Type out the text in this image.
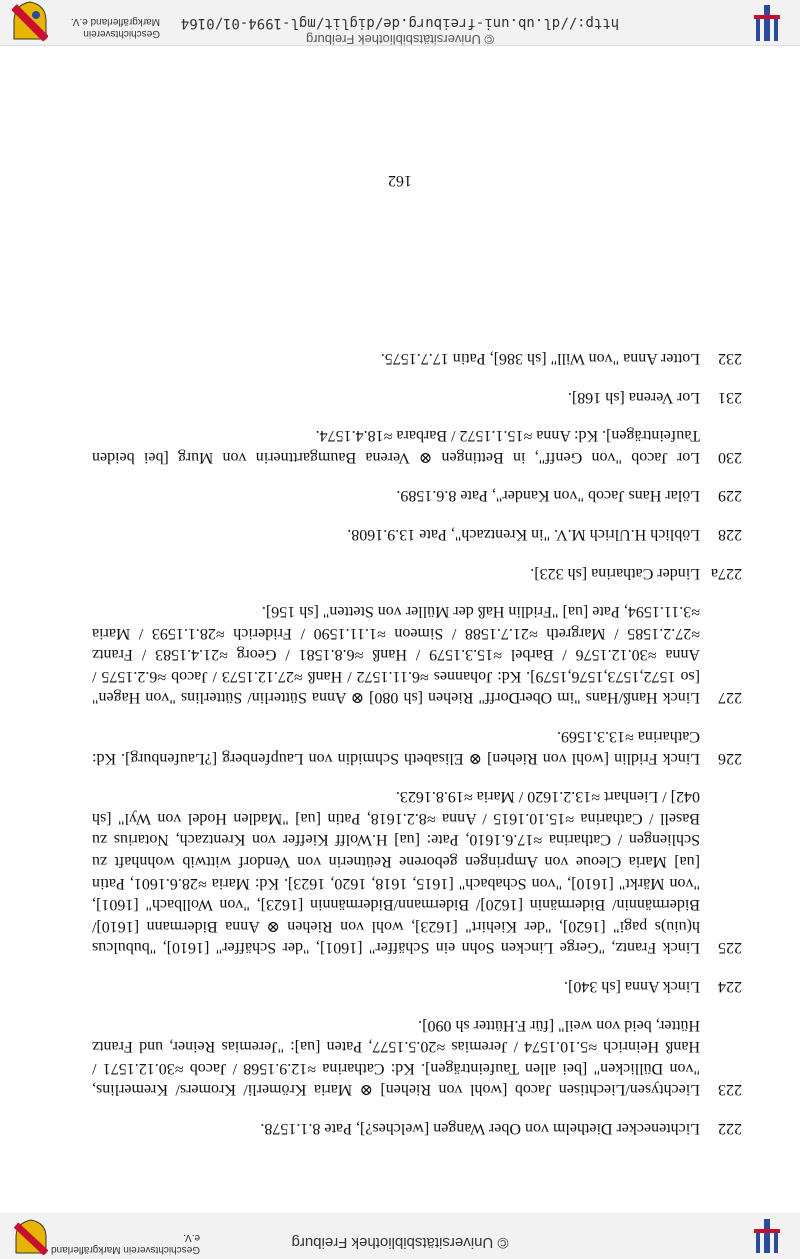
© Universitätsbibliothek Freiburg
Geschichtsverein Markgräflerland e.V.
222
Lichtenecker Diethelm von Ober Wangen [welches?], Pate 8.1.1578.
223
Liechtysen/Liechtisen Jacob [wohl von Riehen] ⊗ Maria Krömerli/ Kromers/ Kremerlins, "von Düllicken" [bei allen Taufeinträgen]. Kd: Catharina ≈12.9.1568 / Jacob ≈30.12.1571 / Hanß Heinrich ≈5.10.1574 / Jeremias ≈20.5.1577, Paten [ua]: "Jeremias Reiner, und Frantz Hütter, beid von weil" [für F.Hütter sh 090].
224
Linck Anna [sh 340].
225
Linck Frantz, "Gerge Lincken Sohn ein Schäffer" [1601], "der Schäffer" [1610], "bubulcus h(uiu)s pagi" [1620], "der Kiehirt" [1623], wohl von Riehen ⊗ Anna Bidermann [1610]/ Bidermännin/ Bidermänin [1620]/ Bidermann/Bidermännin [1623], "von Wollbach" [1601], "von Märkt" [1610], "von Schabach" [1615, 1618, 1620, 1623]. Kd: Maria ≈28.6.1601, Patin [ua] Maria Cleoue von Ampringen geborene Reütnerin von Vendorf wittwib wohnhaft zu Schliengen / Catharina ≈17.6.1610, Pate: [ua] H.Wolff Kieffer von Krentzach, Notarius zu Basell / Catharina ≈15.10.1615 / Anna ≈8.2.1618, Patin [ua] "Madlen Hodel von Wyl" [sh 042] / Lienhart ≈13.2.1620 / Maria ≈19.8.1623.
226
Linck Fridlin [wohl von Riehen] ⊗ Elisabeth Schmidin von Laupfenberg [?Laufenburg]. Kd: Catharina ≈13.3.1569.
227
Linck Hanß/Hans "im OberDorff" Riehen [sh 080] ⊗ Anna Sütterlin/ Sütterlins "von Hagen" [so 1572,1573,1576,1579]. Kd: Johannes ≈6.11.1572 / Hanß ≈27.12.1573 / Jacob ≈6.2.1575 / Anna ≈30.12.1576 / Barbel ≈15.3.1579 / Hanß ≈6.8.1581 / Georg ≈21.4.1583 / Frantz ≈27.2.1585 / Margreth ≈21.7.1588 / Simeon ≈1.11.1590 / Friderich ≈28.1.1593 / Maria ≈3.11.1594, Pate [ua] "Fridlin Haß der Müller von Stetten" [sh 156].
227a
Linder Catharina [sh 323].
228
Löblich H.Ulrich M.V. "in Krentzach", Pate 13.9.1608.
229
Lölar Hans Jacob "von Kander", Pate 8.6.1589.
230
Lor Jacob "von Genff", in Bettingen ⊗ Verena Baumgarttnerin von Murg [bei beiden Taufeinträgen]. Kd: Anna ≈15.1.1572 / Barbara ≈18.4.1574.
231
Lor Verena [sh 168].
232
Lotter Anna "von Will" [sh 386], Patin 17.7.1575.
162
© Universitätsbibliothek Freiburg
http://dl.ub.uni-freiburg.de/diglit/mgl-1994-01/0164
Geschichtsverein Markgräflerland e.V.
